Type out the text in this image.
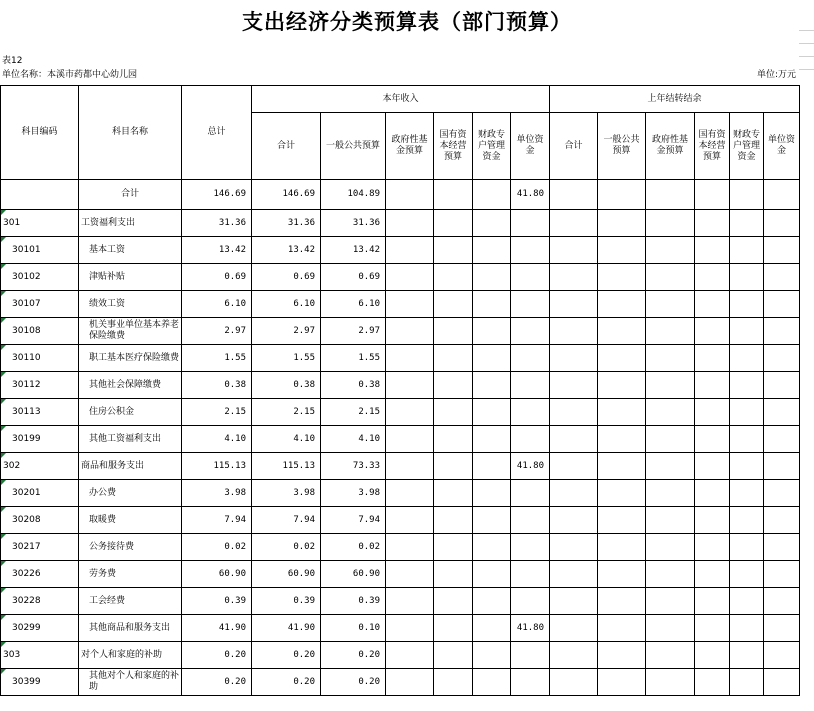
支出经济分类预算表（部门预算）
表12
单位名称：本溪市药都中心幼儿园	单位:万元
科目编码	科目名称	总计	本年收入						上年结转结余					
			合计	一般公共预算	政府性基金预算	国有资本经营预算	财政专户管理资金	单位资金	合计	一般公共预算	政府性基金预算	国有资本经营预算	财政专户管理资金	单位资金
	合计	146.69	146.69	104.89				41.80						
301	工资福利支出	31.36	31.36	31.36										
30101	基本工资	13.42	13.42	13.42										
30102	津贴补贴	0.69	0.69	0.69										
30107	绩效工资	6.10	6.10	6.10										
30108	机关事业单位基本养老保险缴费	2.97	2.97	2.97										
30110	职工基本医疗保险缴费	1.55	1.55	1.55										
30112	其他社会保障缴费	0.38	0.38	0.38										
30113	住房公积金	2.15	2.15	2.15										
30199	其他工资福利支出	4.10	4.10	4.10										
302	商品和服务支出	115.13	115.13	73.33				41.80						
30201	办公费	3.98	3.98	3.98										
30208	取暖费	7.94	7.94	7.94										
30217	公务接待费	0.02	0.02	0.02										
30226	劳务费	60.90	60.90	60.90										
30228	工会经费	0.39	0.39	0.39										
30299	其他商品和服务支出	41.90	41.90	0.10				41.80						
303	对个人和家庭的补助	0.20	0.20	0.20										
30399	其他对个人和家庭的补助	0.20	0.20	0.20										
